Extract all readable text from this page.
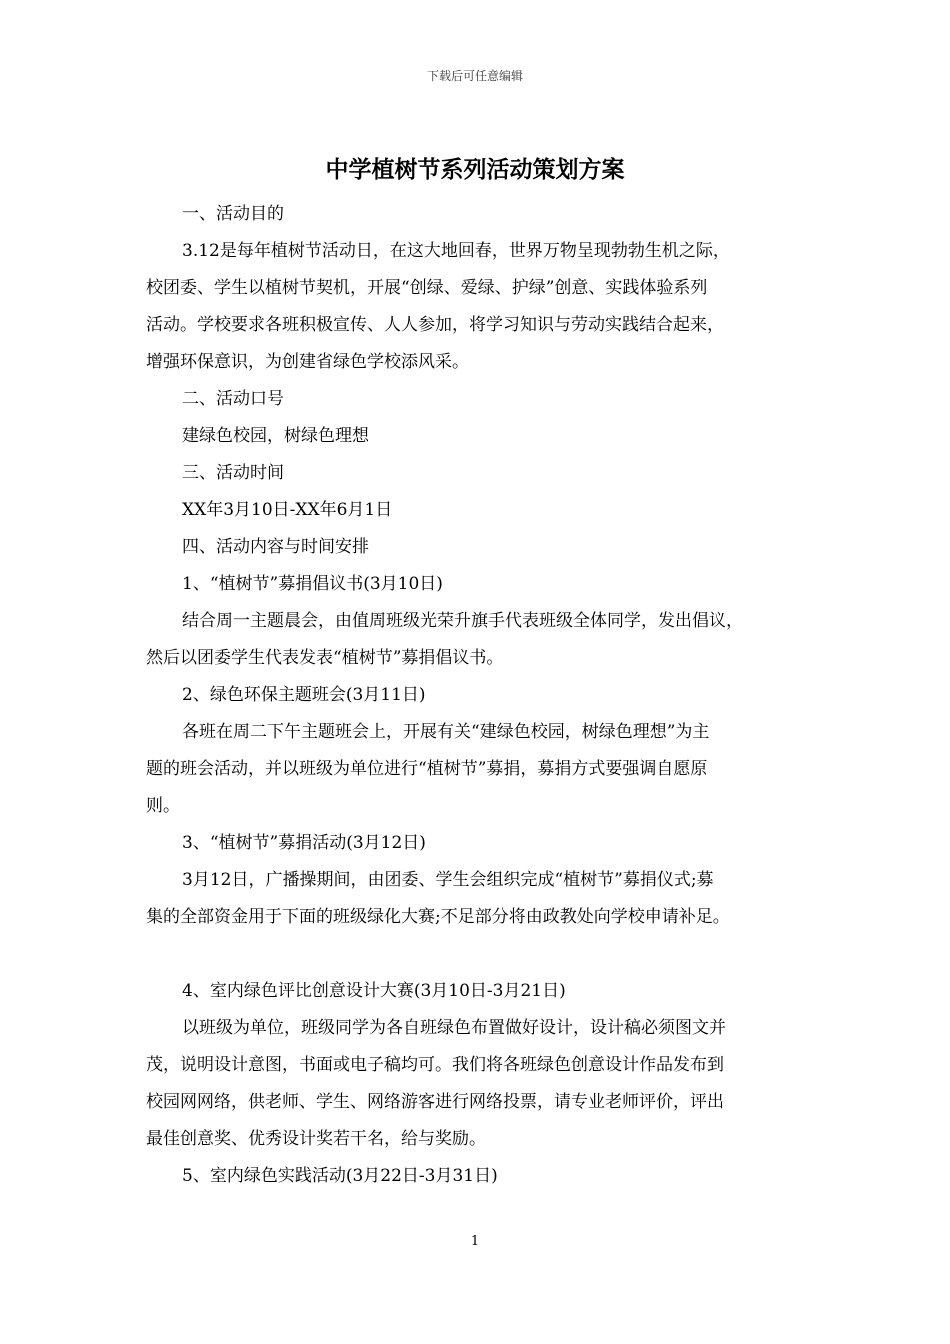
下载后可任意编辑
中学植树节系列活动策划方案
一、活动目的
3.12是每年植树节活动日，在这大地回春，世界万物呈现勃勃生机之际，
校团委、学生以植树节契机，开展“创绿、爱绿、护绿”创意、实践体验系列
活动。学校要求各班积极宣传、人人参加，将学习知识与劳动实践结合起来，
增强环保意识，为创建省绿色学校添风采。
二、活动口号
建绿色校园，树绿色理想
三、活动时间
XX年3月10日-XX年6月1日
四、活动内容与时间安排
1、“植树节”募捐倡议书(3月10日)
结合周一主题晨会，由值周班级光荣升旗手代表班级全体同学，发出倡议，
然后以团委学生代表发表“植树节”募捐倡议书。
2、绿色环保主题班会(3月11日)
各班在周二下午主题班会上，开展有关“建绿色校园，树绿色理想”为主
题的班会活动，并以班级为单位进行“植树节”募捐，募捐方式要强调自愿原
则。
3、“植树节”募捐活动(3月12日)
3月12日，广播操期间，由团委、学生会组织完成“植树节”募捐仪式;募
集的全部资金用于下面的班级绿化大赛;不足部分将由政教处向学校申请补足。
4、室内绿色评比创意设计大赛(3月10日-3月21日)
以班级为单位，班级同学为各自班绿色布置做好设计，设计稿必须图文并
茂，说明设计意图，书面或电子稿均可。我们将各班绿色创意设计作品发布到
校园网网络，供老师、学生、网络游客进行网络投票，请专业老师评价，评出
最佳创意奖、优秀设计奖若干名，给与奖励。
5、室内绿色实践活动(3月22日-3月31日)
1
